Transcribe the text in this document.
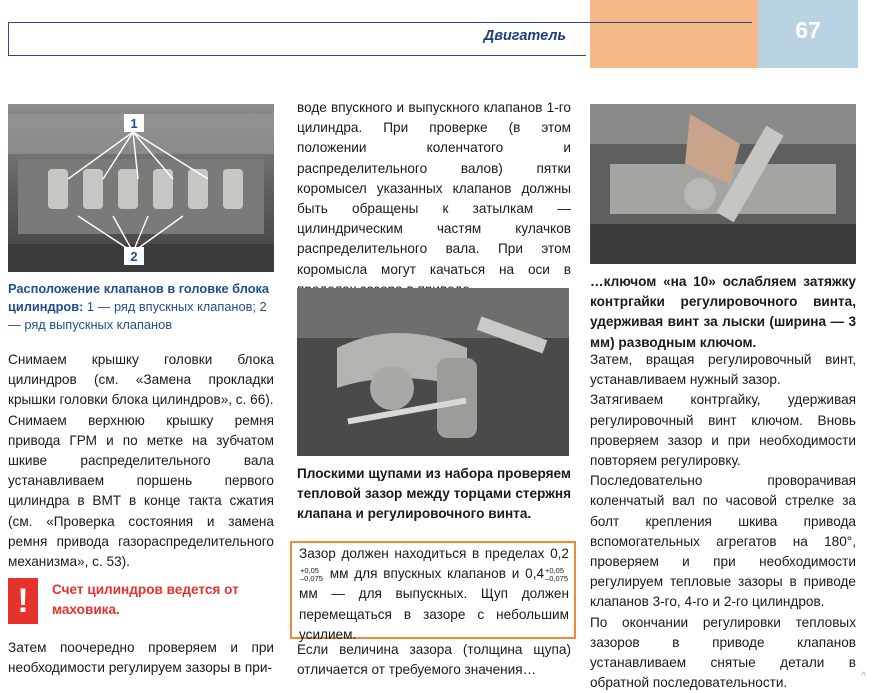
67
Двигатель
1
2

Расположение клапанов в головке блока цилиндров: 1 — ряд впускных клапанов; 2 — ряд выпускных клапанов

Снимаем крышку головки блока цилиндров (см. «Замена прокладки крышки головки блока цилиндров», с. 66).

Снимаем верхнюю крышку ремня привода ГРМ и по метке на зубчатом шкиве распределительного вала устанавливаем поршень первого цилиндра в ВМТ в конце такта сжатия (см. «Проверка состояния и замена ремня привода газораспределительного механизма», с. 53).

!	Счет цилиндров ведется от маховика.

Затем поочередно проверяем и при необходимости регулируем зазоры в при-

воде впускного и выпускного клапанов 1-го цилиндра. При проверке (в этом положении коленчатого и распределительного валов) пятки коромысел указанных клапанов должны быть обращены к затылкам — цилиндрическим частям кулачков распределительного вала. При этом коромысла могут качаться на оси в

Плоскими щупами из набора проверяем тепловой зазор между торцами стержня клапана и регулировочного винта.

Зазор должен находиться в пределах 0,2
+0,05
–0,075 мм для впускных клапанов и 0,4 +0,05
–0,075
мм — для выпускных. Щуп должен перемещаться в зазоре с небольшим усилием.

Если величина зазора (толщина щупа) отличается от требуемого значения…

…ключом «на 10» ослабляем затяжку контргайки регулировочного винта, удерживая винт за лыски (ширина — 3 мм) разводным ключом.

Затем, вращая регулировочный винт, устанавливаем нужный зазор.

Затягиваем контргайку, удерживая регулировочный винт ключом. Вновь проверяем зазор и при необходимости повторяем регулировку.

Последовательно проворачивая коленчатый вал по часовой стрелке за болт крепления шкива привода вспомогательных агрегатов на 180°, проверяем и при необходимости регулируем тепловые зазоры в приводе клапанов 3-го, 4-го и 2-го цилиндров.

По окончании регулировки тепловых зазоров в приводе клапанов устанавливаем снятые детали в обратной последовательности.	^
